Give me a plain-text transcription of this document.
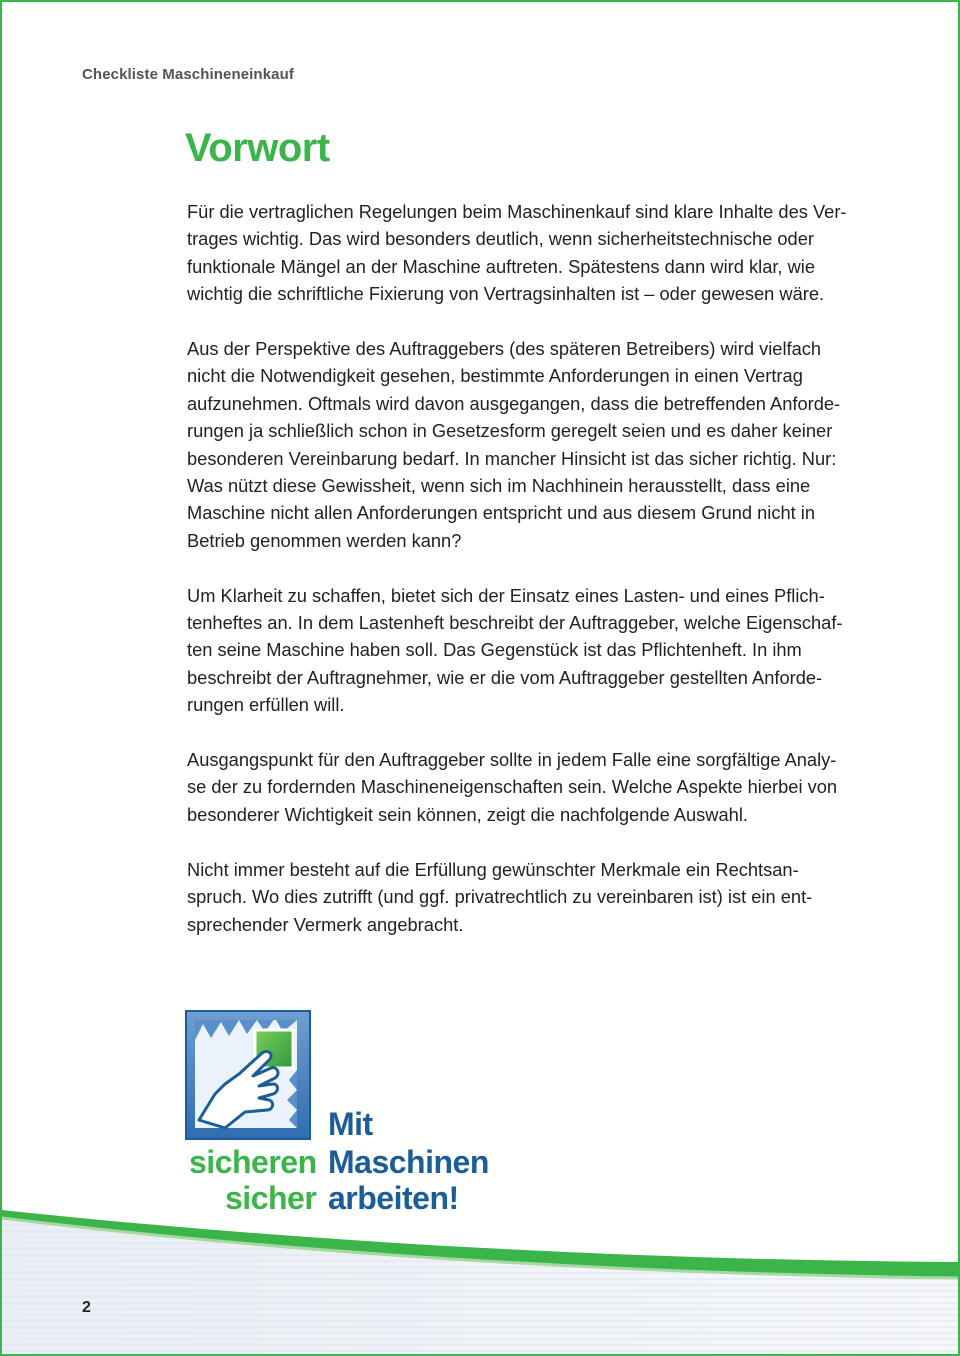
Checkliste Maschineneinkauf
Vorwort

Für die vertraglichen Regelungen beim Maschinenkauf sind klare Inhalte des Ver-
trages wichtig. Das wird besonders deutlich, wenn sicherheitstechnische oder
funktionale Mängel an der Maschine auftreten. Spätestens dann wird klar, wie
wichtig die schriftliche Fixierung von Vertragsinhalten ist – oder gewesen wäre.

Aus der Perspektive des Auftraggebers (des späteren Betreibers) wird vielfach
nicht die Notwendigkeit gesehen, bestimmte Anforderungen in einen Vertrag
aufzunehmen. Oftmals wird davon ausgegangen, dass die betreffenden Anforde-
rungen ja schließlich schon in Gesetzesform geregelt seien und es daher keiner
besonderen Vereinbarung bedarf. In mancher Hinsicht ist das sicher richtig. Nur:
Was nützt diese Gewissheit, wenn sich im Nachhinein herausstellt, dass eine
Maschine nicht allen Anforderungen entspricht und aus diesem Grund nicht in
Betrieb genommen werden kann?

Um Klarheit zu schaffen, bietet sich der Einsatz eines Lasten- und eines Pflich-
tenheftes an. In dem Lastenheft beschreibt der Auftraggeber, welche Eigenschaf-
ten seine Maschine haben soll. Das Gegenstück ist das Pflichtenheft. In ihm
beschreibt der Auftragnehmer, wie er die vom Auftraggeber gestellten Anforde-
rungen erfüllen will.

Ausgangspunkt für den Auftraggeber sollte in jedem Falle eine sorgfältige Analy-
se der zu fordernden Maschineneigenschaften sein. Welche Aspekte hierbei von
besonderer Wichtigkeit sein können, zeigt die nachfolgende Auswahl.

Nicht immer besteht auf die Erfüllung gewünschter Merkmale ein Rechtsan-
spruch. Wo dies zutrifft (und ggf. privatrechtlich zu vereinbaren ist) ist ein ent-
sprechender Vermerk angebracht.

Mit
sicheren Maschinen
sicher arbeiten!
2
